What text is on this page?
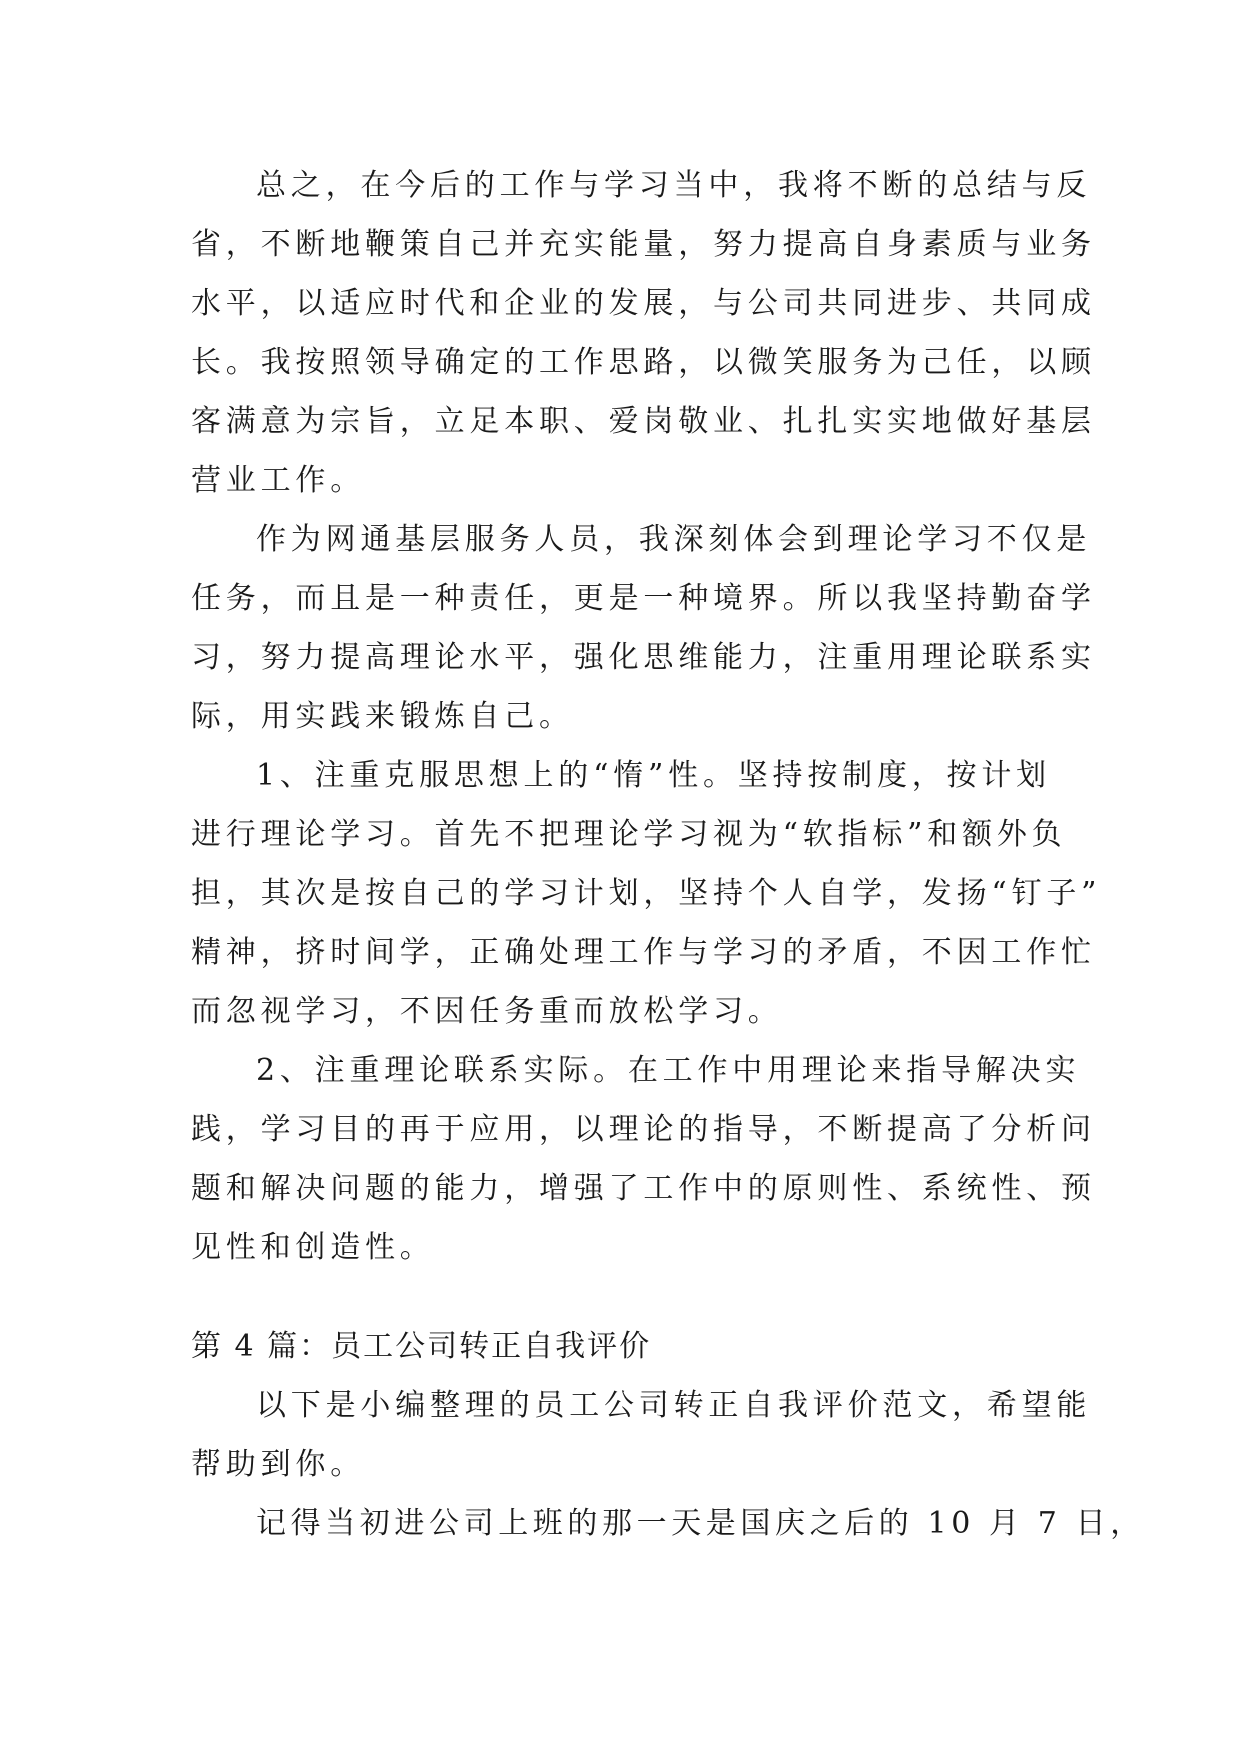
总之，在今后的工作与学习当中，我将不断的总结与反
省，不断地鞭策自己并充实能量，努力提高自身素质与业务
水平，以适应时代和企业的发展，与公司共同进步、共同成
长。我按照领导确定的工作思路，以微笑服务为己任，以顾
客满意为宗旨，立足本职、爱岗敬业、扎扎实实地做好基层
营业工作。
作为网通基层服务人员，我深刻体会到理论学习不仅是
任务，而且是一种责任，更是一种境界。所以我坚持勤奋学
习，努力提高理论水平，强化思维能力，注重用理论联系实
际，用实践来锻炼自己。
1、注重克服思想上的“惰”性。坚持按制度，按计划
进行理论学习。首先不把理论学习视为“软指标”和额外负
担，其次是按自己的学习计划，坚持个人自学，发扬“钉子”
精神，挤时间学，正确处理工作与学习的矛盾，不因工作忙
而忽视学习，不因任务重而放松学习。
2、注重理论联系实际。在工作中用理论来指导解决实
践，学习目的再于应用，以理论的指导，不断提高了分析问
题和解决问题的能力，增强了工作中的原则性、系统性、预
见性和创造性。
第 4 篇：员工公司转正自我评价
以下是小编整理的员工公司转正自我评价范文，希望能
帮助到你。
记得当初进公司上班的那一天是国庆之后的 10 月 7 日，
